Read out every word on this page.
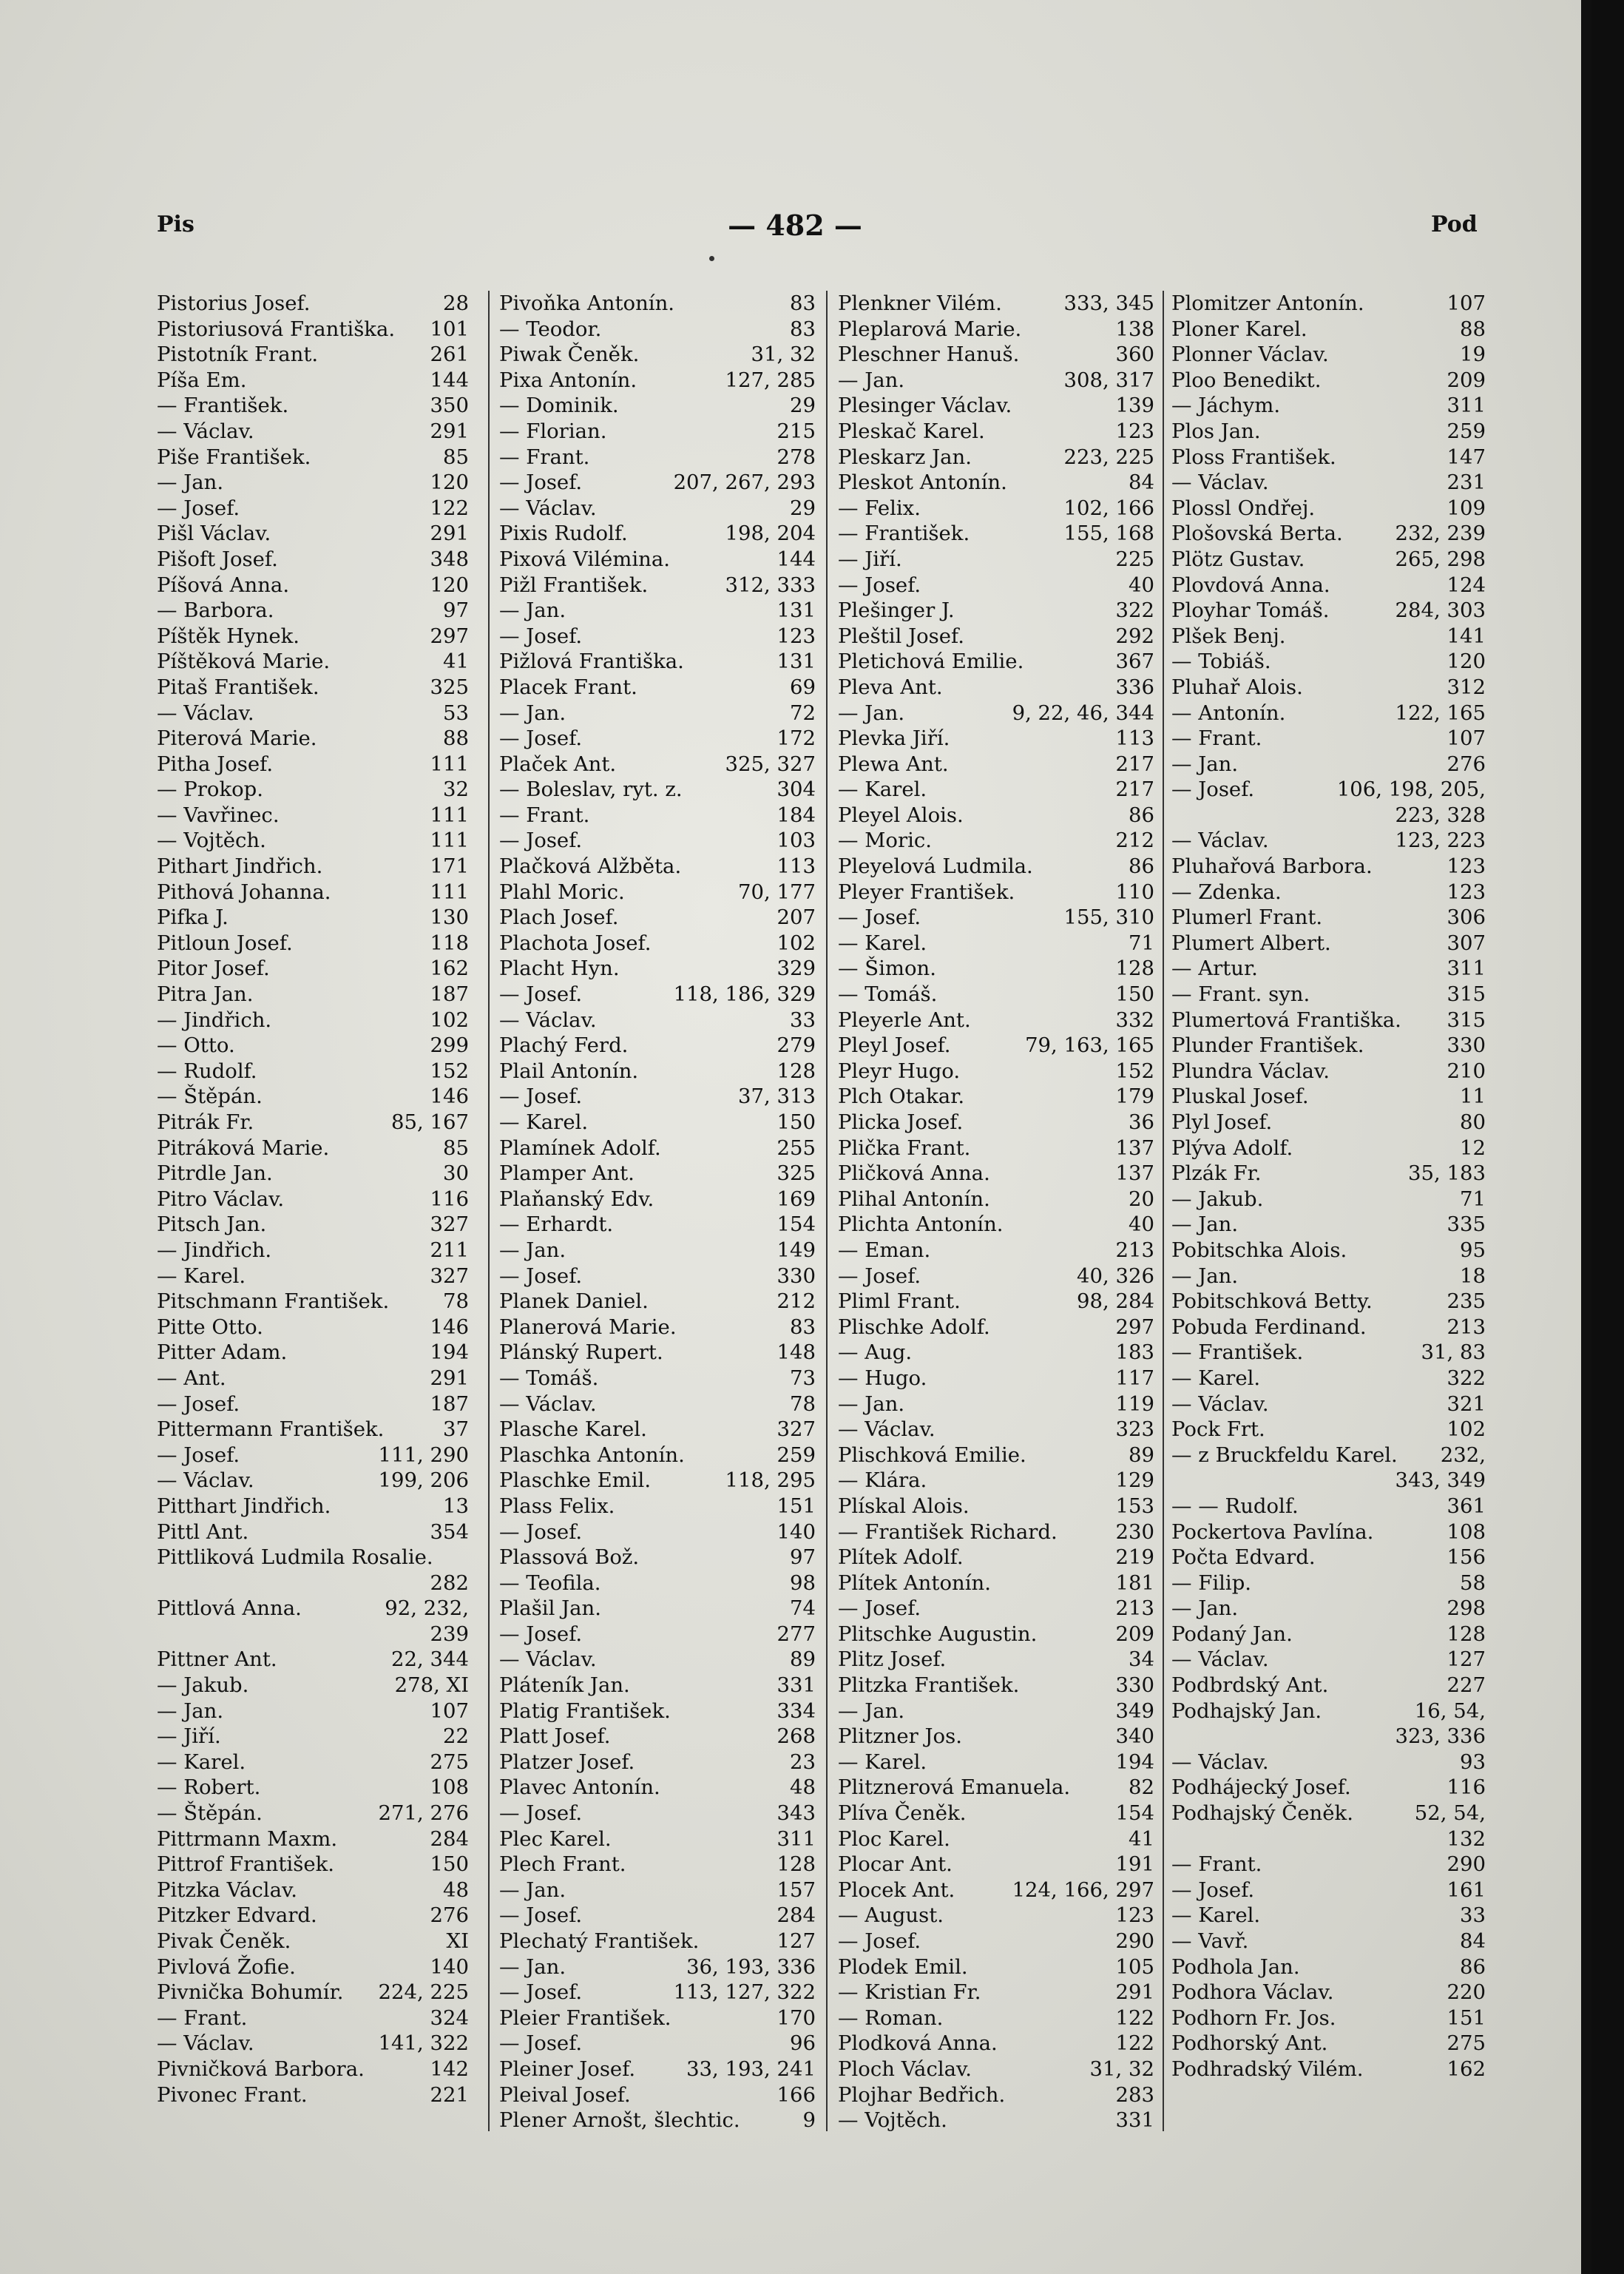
Pis	— 482 —	Pod
Pistorius Josef.	28
Pistoriusová Františka. 101
Pistotník Frant.	261
Píša Em.	144
— František.	350
— Václav.	291
Piše František.	85
— Jan.	120
— Josef.	122
Pišl Václav.	291
Pišoft Josef.	348
Píšová Anna.	120
— Barbora.	97
Píštěk Hynek.	297
Píštěková Marie.	41
Pitaš František.	325
— Václav.	53
Piterová Marie.	88
Pitha Josef.	111
— Prokop.	32
— Vavřinec.	111
— Vojtěch.	111
Pithart Jindřich.	171
Pithová Johanna.	111
Pifka J.	130
Pitloun Josef.	118
Pitor Josef.	162
Pitra Jan.	187
— Jindřich.	102
— Otto.	299
— Rudolf.	152
— Štěpán.	146
Pitrák Fr.	85, 167
Pitráková Marie.	85
Pitrdle Jan.	30
Pitro Václav.	116
Pitsch Jan.	327
— Jindřich.	211
— Karel.	327
Pitschmann František.	78
Pitte Otto.	146
Pitter Adam.	194
— Ant.	291
— Josef.	187
Pittermann František.	37
— Josef.	111, 290
— Václav.	199, 206
Pitthart Jindřich.	13
Pittl Ant.	354
Pittliková Ludmila Rosalie.
282
Pittlová Anna.	92, 232,
239
Pittner Ant.	22, 344
— Jakub.	278, XI
— Jan.	107
— Jiří.	22
— Karel.	275
— Robert.	108
— Štěpán.	271, 276
Pittrmann Maxm.	284
Pittrof František.	150
Pitzka Václav.	48
Pitzker Edvard.	276
Pivak Čeněk.	XI
Pivlová Žofie.	140
Pivnička Bohumír. 224, 225
— Frant.	324
— Václav.	141, 322
Pivničková Barbora.	142
Pivonec Frant.	221
Pivoňka Antonín.	83
— Teodor.	83
Piwak Čeněk.	31, 32
Pixa Antonín.	127, 285
— Dominik.	29
— Florian.	215
— Frant.	278
— Josef.	207, 267, 293
— Václav.	29
Pixis Rudolf.	198, 204
Pixová Vilémina.	144
Pižl František.	312, 333
— Jan.	131
— Josef.	123
Pižlová Františka.	131
Placek Frant.	69
— Jan.	72
— Josef.	172
Plaček Ant.	325, 327
— Boleslav, ryt. z.	304
— Frant.	184
— Josef.	103
Plačková Alžběta.	113
Plahl Moric.	70, 177
Plach Josef.	207
Plachota Josef.	102
Placht Hyn.	329
— Josef.	118, 186, 329
— Václav.	33
Plachý Ferd.	279
Plail Antonín.	128
— Josef.	37, 313
— Karel.	150
Plamínek Adolf.	255
Plamper Ant.	325
Plaňanský Edv.	169
— Erhardt.	154
— Jan.	149
— Josef.	330
Planek Daniel.	212
Planerová Marie.	83
Plánský Rupert.	148
— Tomáš.	73
— Václav.	78
Plasche Karel.	327
Plaschka Antonín.	259
Plaschke Emil.	118, 295
Plass Felix.	151
— Josef.	140
Plassová Bož.	97
— Teofila.	98
Plašil Jan.	74
— Josef.	277
— Václav.	89
Pláteník Jan.	331
Platig František.	334
Platt Josef.	268
Platzer Josef.	23
Plavec Antonín.	48
— Josef.	343
Plec Karel.	311
Plech Frant.	128
— Jan.	157
— Josef.	284
Plechatý František.	127
— Jan.	36, 193, 336
— Josef.	113, 127, 322
Pleier František.	170
— Josef.	96
Pleiner Josef.	33, 193, 241
Pleival Josef.	166
Plener Arnošt, šlechtic.	9
Plenkner Vilém.	333, 345
Pleplarová Marie.	138
Pleschner Hanuš.	360
— Jan.	308, 317
Plesinger Václav.	139
Pleskač Karel.	123
Pleskarz Jan.	223, 225
Pleskot Antonín.	84
— Felix.	102, 166
— František.	155, 168
— Jiří.	225
— Josef.	40
Plešinger J.	322
Pleštil Josef.	292
Pletichová Emilie.	367
Pleva Ant.	336
— Jan.	9, 22, 46, 344
Plevka Jiří.	113
Plewa Ant.	217
— Karel.	217
Pleyel Alois.	86
— Moric.	212
Pleyelová Ludmila.	86
Pleyer František.	110
— Josef.	155, 310
— Karel.	71
— Šimon.	128
— Tomáš.	150
Pleyerle Ant.	332
Pleyl Josef.	79, 163, 165
Pleyr Hugo.	152
Plch Otakar.	179
Plicka Josef.	36
Plička Frant.	137
Pličková Anna.	137
Plihal Antonín.	20
Plichta Antonín.	40
— Eman.	213
— Josef.	40, 326
Pliml Frant.	98, 284
Plischke Adolf.	297
— Aug.	183
— Hugo.	117
— Jan.	119
— Václav.	323
Plischková Emilie.	89
— Klára.	129
Plískal Alois.	153
— František Richard.	230
Plítek Adolf.	219
Plítek Antonín.	181
— Josef.	213
Plitschke Augustin.	209
Plitz Josef.	34
Plitzka František.	330
— Jan.	349
Plitzner Jos.	340
— Karel.	194
Plitznerová Emanuela.	82
Plíva Čeněk.	154
Ploc Karel.	41
Plocar Ant.	191
Plocek Ant.	124, 166, 297
— August.	123
— Josef.	290
Plodek Emil.	105
— Kristian Fr.	291
— Roman.	122
Plodková Anna.	122
Ploch Václav.	31, 32
Plojhar Bedřich.	283
— Vojtěch.	331
Plomitzer Antonín.	107
Ploner Karel.	88
Plonner Václav.	19
Ploo Benedikt.	209
— Jáchym.	311
Plos Jan.	259
Ploss František.	147
— Václav.	231
Plossl Ondřej.	109
Plošovská Berta.	232, 239
Plötz Gustav.	265, 298
Plovdová Anna.	124
Ployhar Tomáš.	284, 303
Plšek Benj.	141
— Tobiáš.	120
Pluhař Alois.	312
— Antonín.	122, 165
— Frant.	107
— Jan.	276
— Josef.	106, 198, 205,
223, 328
— Václav.	123, 223
Pluhařová Barbora.	123
— Zdenka.	123
Plumerl Frant.	306
Plumert Albert.	307
— Artur.	311
— Frant. syn.	315
Plumertová Františka. 315
Plunder František.	330
Plundra Václav.	210
Pluskal Josef.	11
Plyl Josef.	80
Plýva Adolf.	12
Plzák Fr.	35, 183
— Jakub.	71
— Jan.	335
Pobitschka Alois.	95
— Jan.	18
Pobitschková Betty.	235
Pobuda Ferdinand.	213
— František.	31, 83
— Karel.	322
— Václav.	321
Pock Frt.	102
— z Bruckfeldu Karel. 232,
343, 349
— — Rudolf.	361
Pockertova Pavlína.	108
Počta Edvard.	156
— Filip.	58
— Jan.	298
Podaný Jan.	128
— Václav.	127
Podbrdský Ant.	227
Podhajský Jan.	16, 54,
323, 336
— Václav.	93
Podhájecký Josef.	116
Podhajský Čeněk.	52, 54,
132
— Frant.	290
— Josef.	161
— Karel.	33
— Vavř.	84
Podhola Jan.	86
Podhora Václav.	220
Podhorn Fr. Jos.	151
Podhorský Ant.	275
Podhradský Vilém.	162
